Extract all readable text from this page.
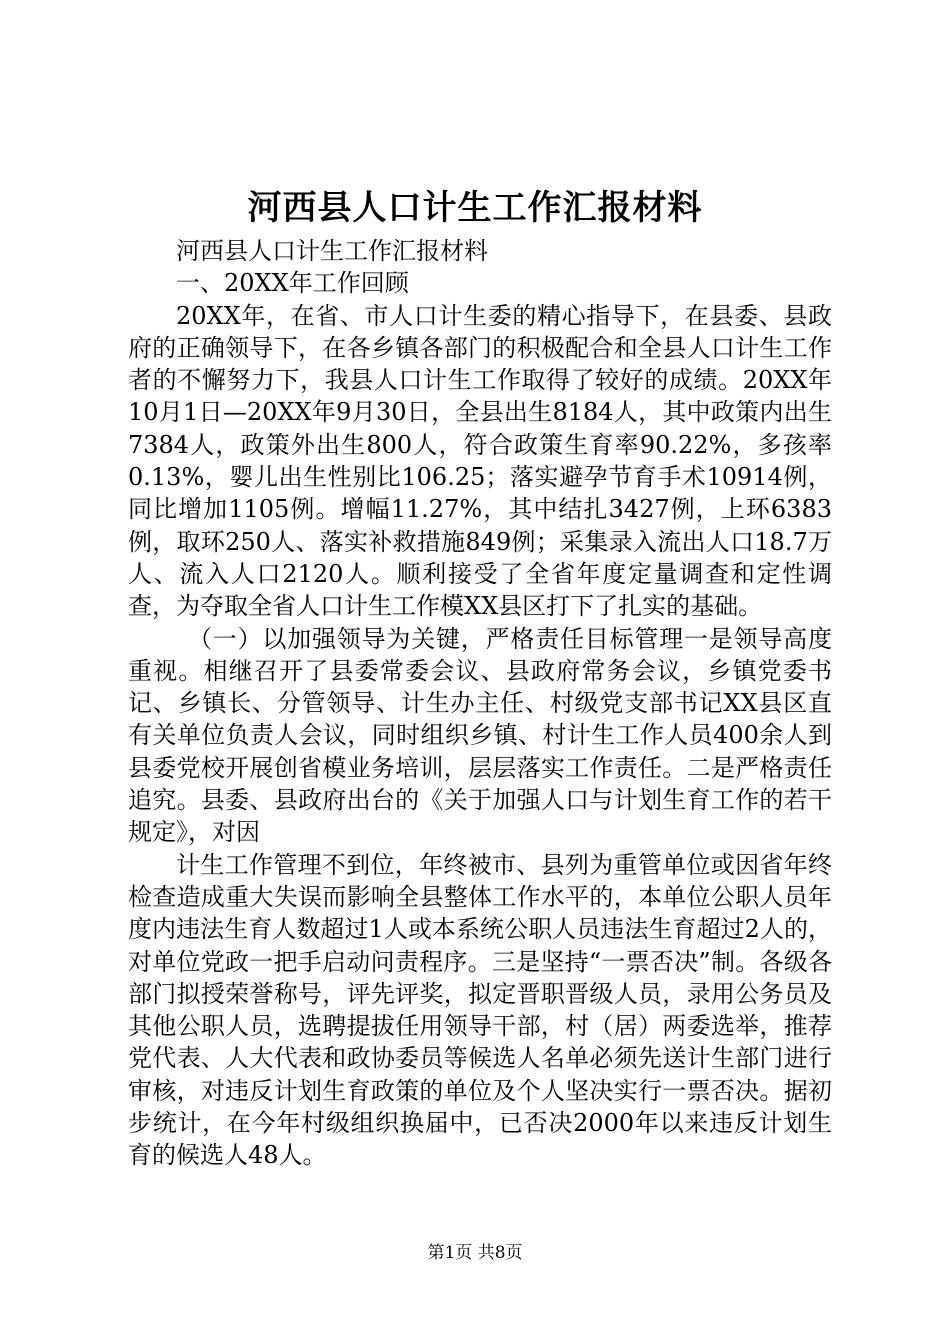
河西县人口计生工作汇报材料

河西县人口计生工作汇报材料

一、20XX年工作回顾

20XX年，在省、市人口计生委的精心指导下，在县委、县政府的正确领导下，在各乡镇各部门的积极配合和全县人口计生工作者的不懈努力下，我县人口计生工作取得了较好的成绩。20XX年10月1日—20XX年9月30日，全县出生8184人，其中政策内出生7384人，政策外出生800人，符合政策生育率90.22%，多孩率0.13%，婴儿出生性别比106.25；落实避孕节育手术10914例，同比增加1105例。增幅11.27%，其中结扎3427例，上环6383例，取环250人、落实补救措施849例；采集录入流出人口18.7万人、流入人口2120人。顺利接受了全省年度定量调查和定性调查，为夺取全省人口计生工作模XX县区打下了扎实的基础。

（一）以加强领导为关键，严格责任目标管理一是领导高度重视。相继召开了县委常委会议、县政府常务会议，乡镇党委书记、乡镇长、分管领导、计生办主任、村级党支部书记XX县区直有关单位负责人会议，同时组织乡镇、村计生工作人员400余人到县委党校开展创省模业务培训，层层落实工作责任。二是严格责任追究。县委、县政府出台的《关于加强人口与计划生育工作的若干规定》，对因

计生工作管理不到位，年终被市、县列为重管单位或因省年终检查造成重大失误而影响全县整体工作水平的，本单位公职人员年度内违法生育人数超过1人或本系统公职人员违法生育超过2人的，对单位党政一把手启动问责程序。三是坚持“一票否决”制。各级各部门拟授荣誉称号，评先评奖，拟定晋职晋级人员，录用公务员及其他公职人员，选聘提拔任用领导干部，村（居）两委选举，推荐党代表、人大代表和政协委员等候选人名单必须先送计生部门进行审核，对违反计划生育政策的单位及个人坚决实行一票否决。据初步统计，在今年村级组织换届中，已否决2000年以来违反计划生育的候选人48人。

第1页 共8页
